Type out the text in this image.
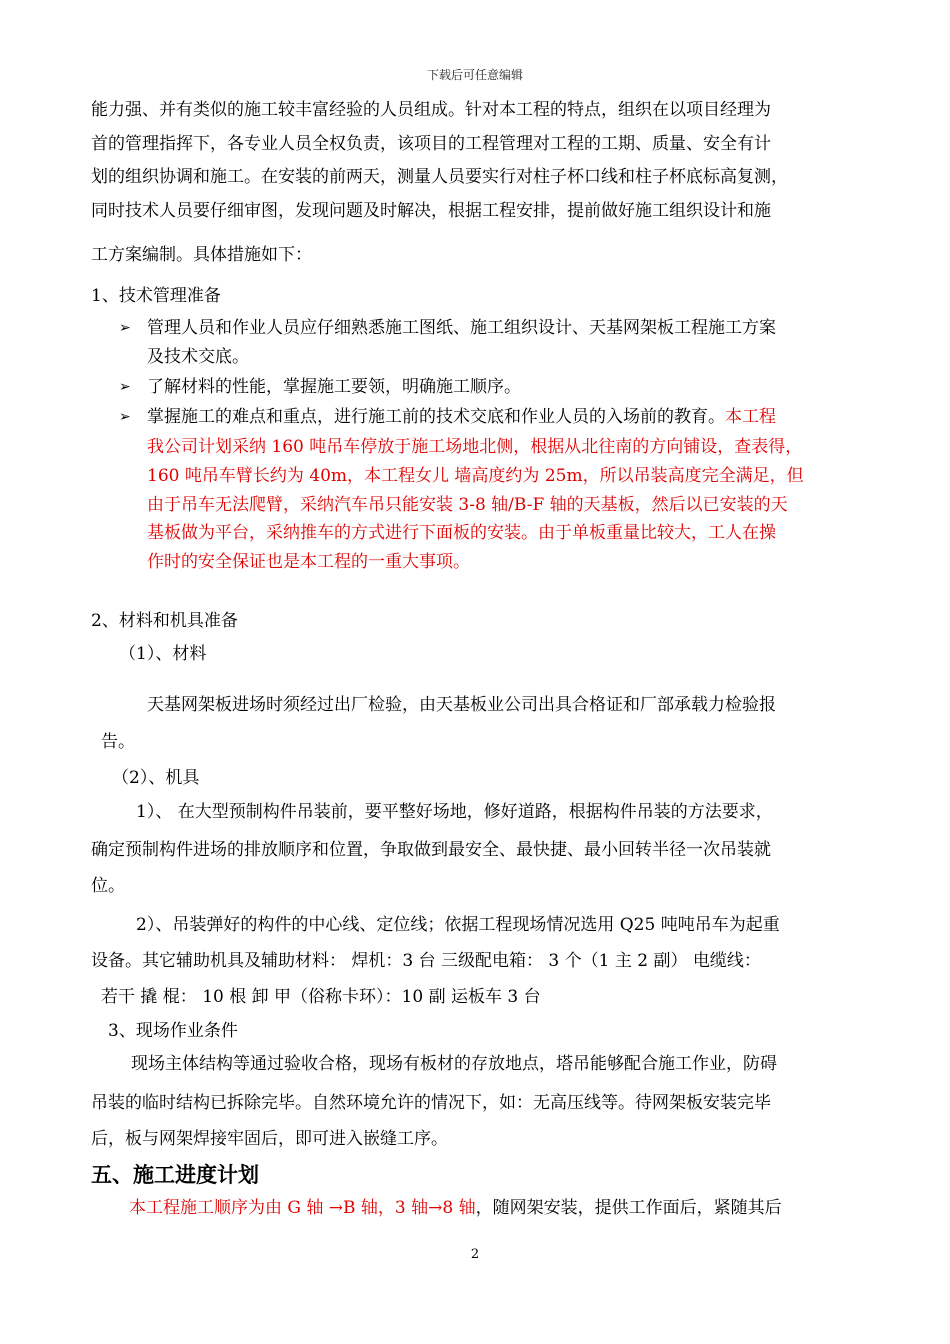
下载后可任意编辑
能力强、并有类似的施工较丰富经验的人员组成。针对本工程的特点，组织在以项目经理为
首的管理指挥下，各专业人员全权负责，该项目的工程管理对工程的工期、质量、安全有计
划的组织协调和施工。在安装的前两天，测量人员要实行对柱子杯口线和柱子杯底标高复测，
同时技术人员要仔细审图，发现问题及时解决，根据工程安排，提前做好施工组织设计和施
工方案编制。具体措施如下：
1、技术管理准备
➢ 管理人员和作业人员应仔细熟悉施工图纸、施工组织设计、天基网架板工程施工方案
及技术交底。
➢ 了解材料的性能，掌握施工要领，明确施工顺序。
➢ 掌握施工的难点和重点，进行施工前的技术交底和作业人员的入场前的教育。本工程
我公司计划采纳 160 吨吊车停放于施工场地北侧，根据从北往南的方向铺设，查表得，
160 吨吊车臂长约为 40m，本工程女儿 墙高度约为 25m，所以吊装高度完全满足，但
由于吊车无法爬臂，采纳汽车吊只能安装 3-8 轴/B-F 轴的天基板，然后以已安装的天
基板做为平台，采纳推车的方式进行下面板的安装。由于单板重量比较大，工人在操
作时的安全保证也是本工程的一重大事项。
2、材料和机具准备
（1）、材料
天基网架板进场时须经过出厂检验，由天基板业公司出具合格证和厂部承载力检验报
告。
（2）、机具
1）、 在大型预制构件吊装前，要平整好场地，修好道路，根据构件吊装的方法要求，
确定预制构件进场的排放顺序和位置，争取做到最安全、最快捷、最小回转半径一次吊装就
位。
2）、吊装弹好的构件的中心线、定位线；依据工程现场情况选用 Q25 吨吨吊车为起重
设备。其它辅助机具及辅助材料： 焊机：3 台 三级配电箱： 3 个（1 主 2 副） 电缆线：
若干 撬 棍： 10 根 卸 甲（俗称卡环）：10 副 运板车 3 台
3、现场作业条件
现场主体结构等通过验收合格，现场有板材的存放地点，塔吊能够配合施工作业，防碍
吊装的临时结构已拆除完毕。自然环境允许的情况下，如：无高压线等。待网架板安装完毕
后，板与网架焊接牢固后，即可进入嵌缝工序。
五、施工进度计划
本工程施工顺序为由 G 轴 →B 轴，3 轴→8 轴，随网架安装，提供工作面后，紧随其后
2
